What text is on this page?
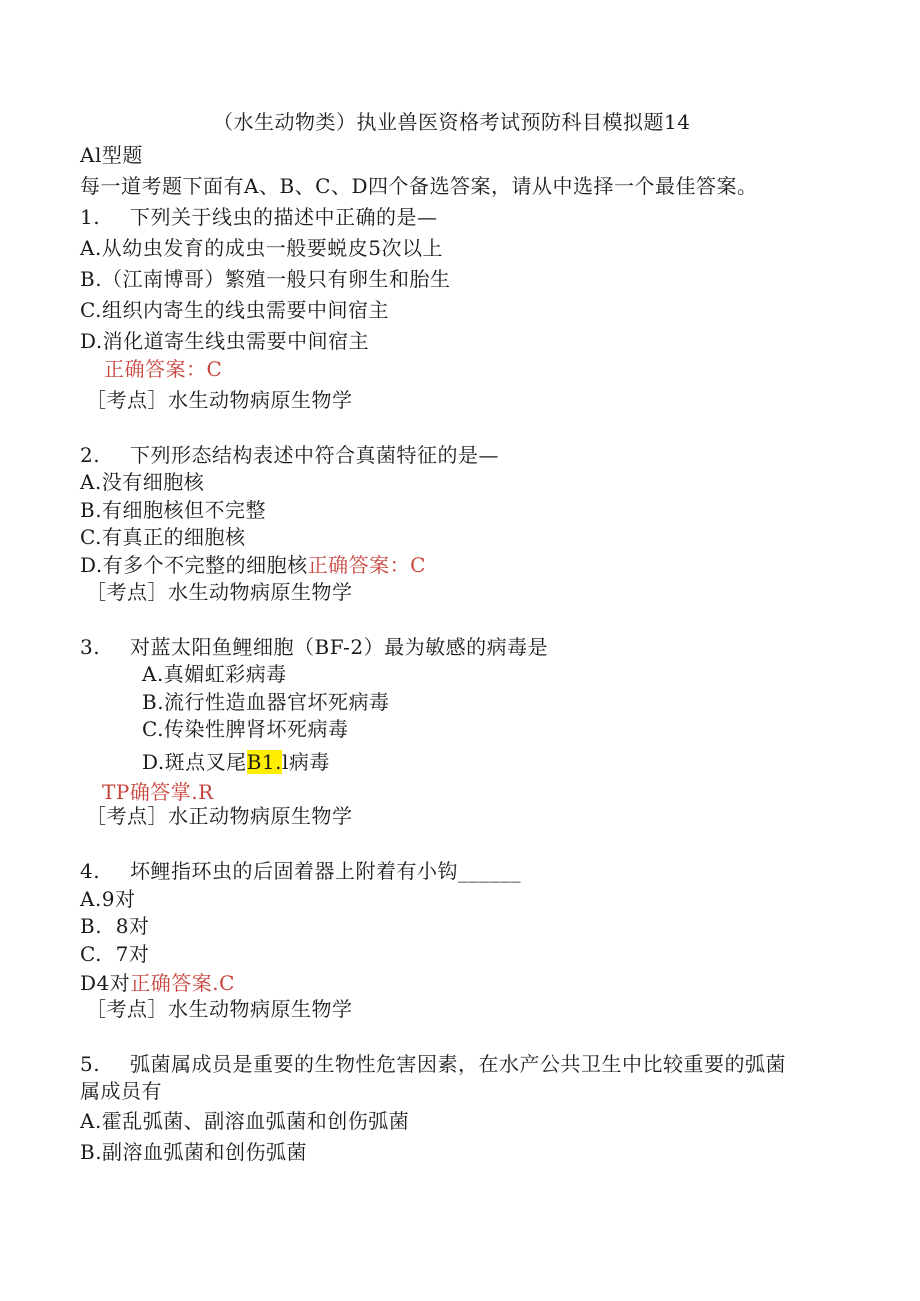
（水生动物类）执业兽医资格考试预防科目模拟题14
Al型题
每一道考题下面有A、B、C、D四个备选答案，请从中选择一个最佳答案。
1. 下列关于线虫的描述中正确的是—
A.从幼虫发育的成虫一般要蜕皮5次以上
B.（江南博哥）繁殖一般只有卵生和胎生
C.组织内寄生的线虫需要中间宿主
D.消化道寄生线虫需要中间宿主
正确答案：C
［考点］水生动物病原生物学
2. 下列形态结构表述中符合真菌特征的是—
A.没有细胞核
B.有细胞核但不完整
C.有真正的细胞核
D.有多个不完整的细胞核正确答案：C
［考点］水生动物病原生物学
3. 对蓝太阳鱼鲤细胞（BF-2）最为敏感的病毒是
A.真媚虹彩病毒
B.流行性造血器官坏死病毒
C.传染性脾肾坏死病毒
D.斑点叉尾B1.l病毒
TP确答掌.R
［考点］水正动物病原生物学
4. 坏鲤指环虫的后固着器上附着有小钩______
A.9对
B.  8对
C.  7对
D4对正确答案.C
［考点］水生动物病原生物学
5. 弧菌属成员是重要的生物性危害因素，在水产公共卫生中比较重要的弧菌
属成员有
A.霍乱弧菌、副溶血弧菌和创伤弧菌
B.副溶血弧菌和创伤弧菌
